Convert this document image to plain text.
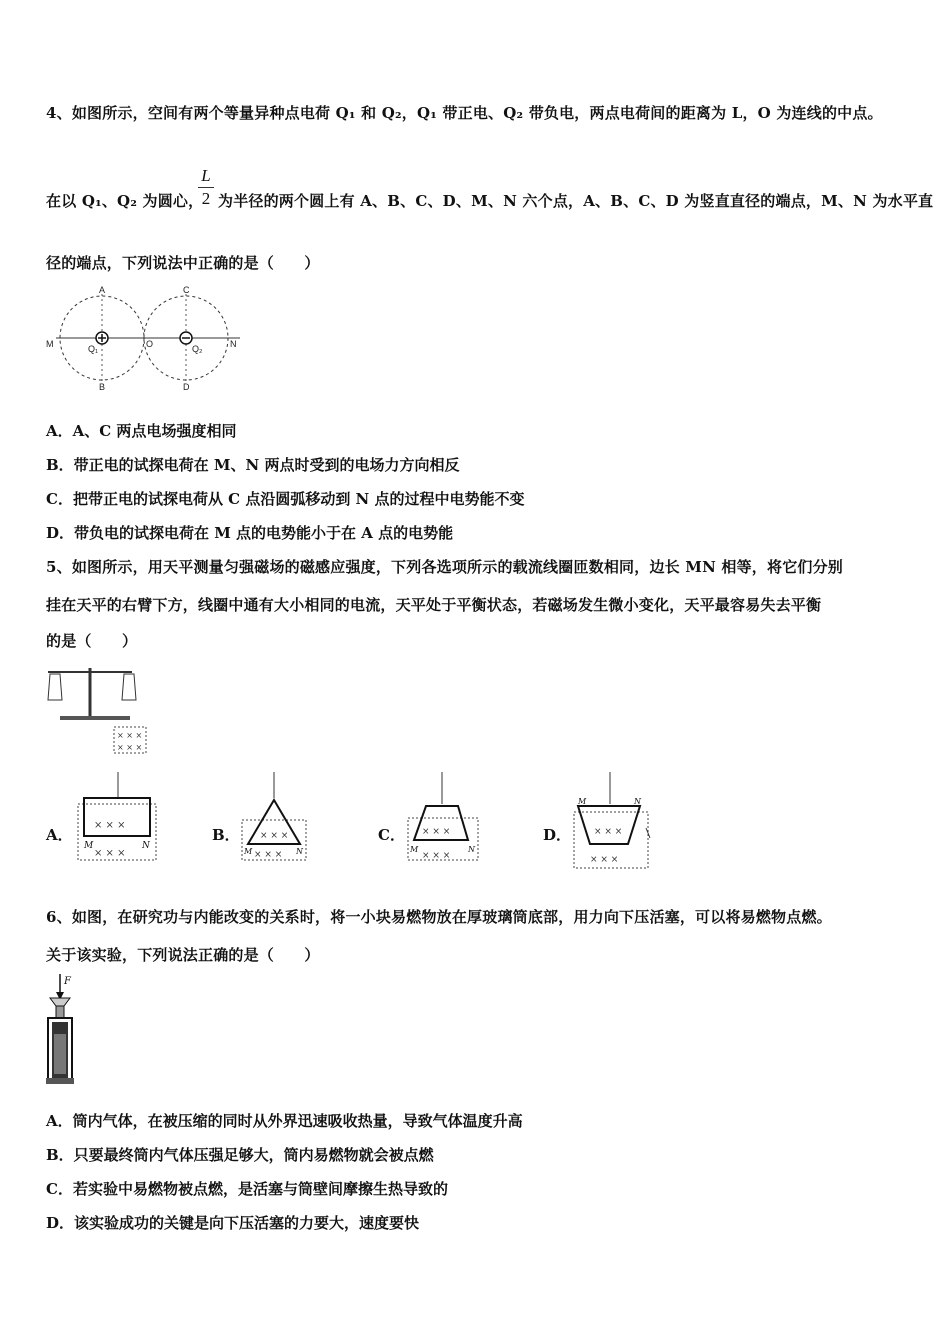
4、如图所示，空间有两个等量异种点电荷 Q₁ 和 Q₂，Q₁ 带正电、Q₂ 带负电，两点电荷间的距离为 L，O 为连线的中点。
在以 Q₁、Q₂ 为圆心，
L
2 为半径的两个圆上有 A、B、C、D、M、N 六个点，A、B、C、D 为竖直直径的端点，M、N 为水平直
径的端点，下列说法中正确的是（　　）
A
B
C
D
M	N
O
Q₁	Q₂
A．A、C 两点电场强度相同
B．带正电的试探电荷在 M、N 两点时受到的电场力方向相反
C．把带正电的试探电荷从 C 点沿圆弧移动到 N 点的过程中电势能不变
D．带负电的试探电荷在 M 点的电势能小于在 A 点的电势能
5、如图所示，用天平测量匀强磁场的磁感应强度，下列各选项所示的载流线圈匝数相同，边长 MN 相等，将它们分别
挂在天平的右臂下方，线圈中通有大小相同的电流，天平处于平衡状态，若磁场发生微小变化，天平最容易失去平衡
的是（　　）
× × ×
× × ×
A．
× × ×
× × ×
M	N
B． × × ×
× × ×
M	N
C． × × ×
× × ×
M	N
D．	× × ×
× × ×
M	N
6、如图，在研究功与内能改变的关系时，将一小块易燃物放在厚玻璃筒底部，用力向下压活塞，可以将易燃物点燃。
关于该实验，下列说法正确的是（　　）
F
A．筒内气体，在被压缩的同时从外界迅速吸收热量，导致气体温度升高
B．只要最终筒内气体压强足够大，筒内易燃物就会被点燃
C．若实验中易燃物被点燃，是活塞与筒壁间摩擦生热导致的
D．该实验成功的关键是向下压活塞的力要大，速度要快
